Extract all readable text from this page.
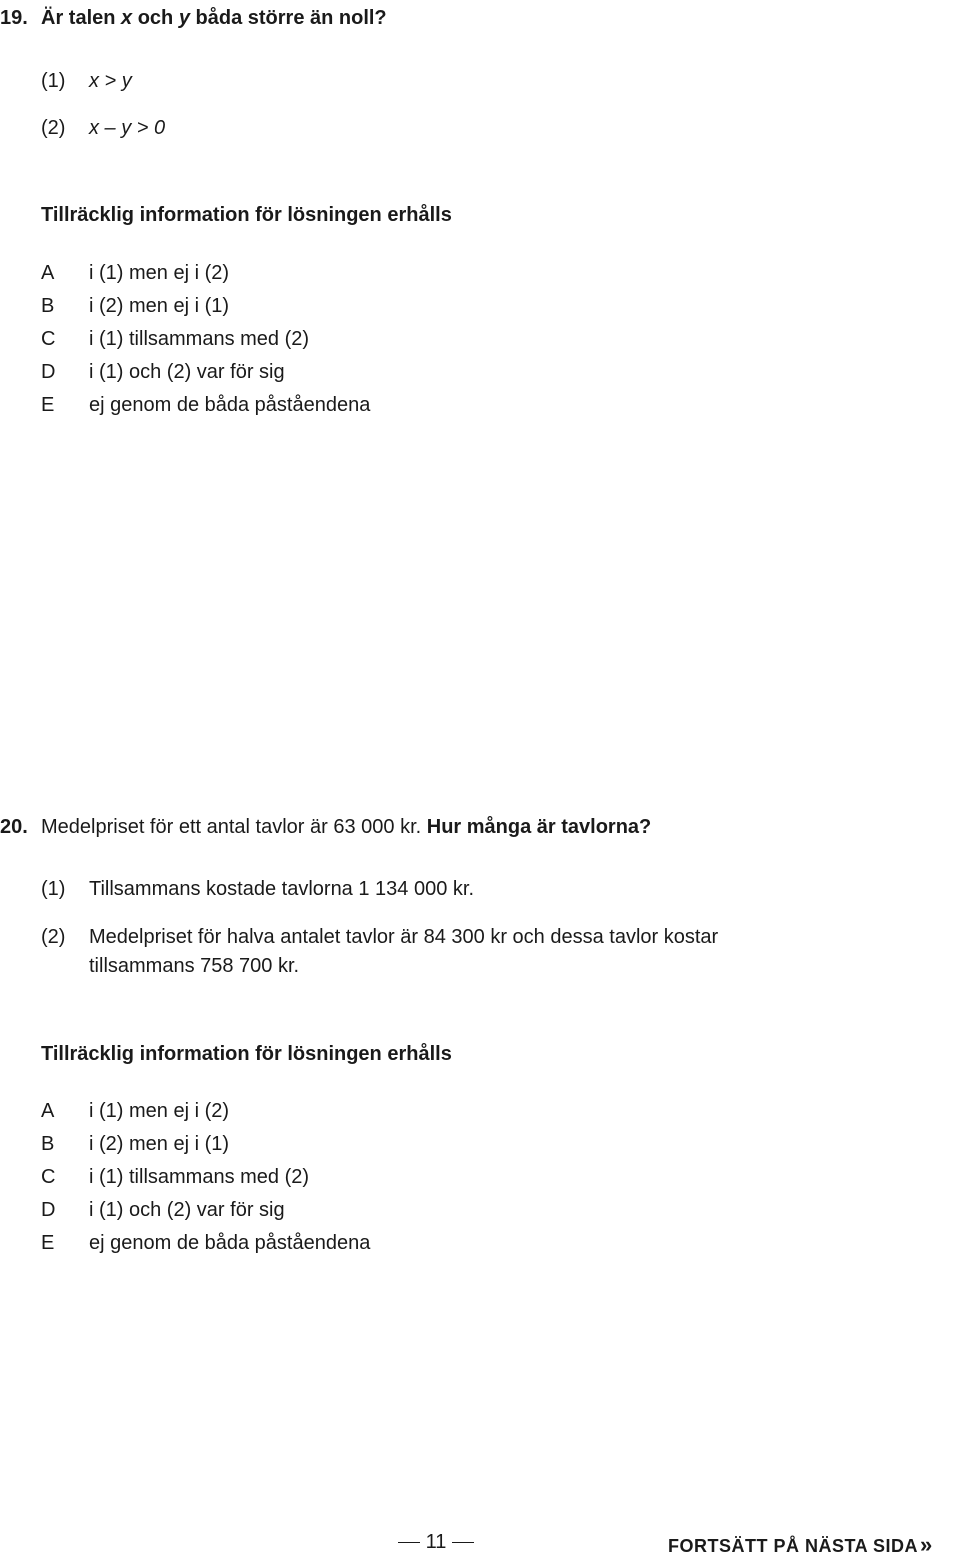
19. Är talen x och y båda större än noll?
(1) x > y
(2) x – y > 0
Tillräcklig information för lösningen erhålls
A i (1) men ej i (2)
B i (2) men ej i (1)
C i (1) tillsammans med (2)
D i (1) och (2) var för sig
E ej genom de båda påståendena
20. Medelpriset för ett antal tavlor är 63 000 kr. Hur många är tavlorna?
(1) Tillsammans kostade tavlorna 1 134 000 kr.
(2) Medelpriset för halva antalet tavlor är 84 300 kr och dessa tavlor kostar
tillsammans 758 700 kr.
Tillräcklig information för lösningen erhålls
A i (1) men ej i (2)
B i (2) men ej i (1)
C i (1) tillsammans med (2)
D i (1) och (2) var för sig
E ej genom de båda påståendena
11	FORTSÄTT PÅ NÄSTA SIDA»
